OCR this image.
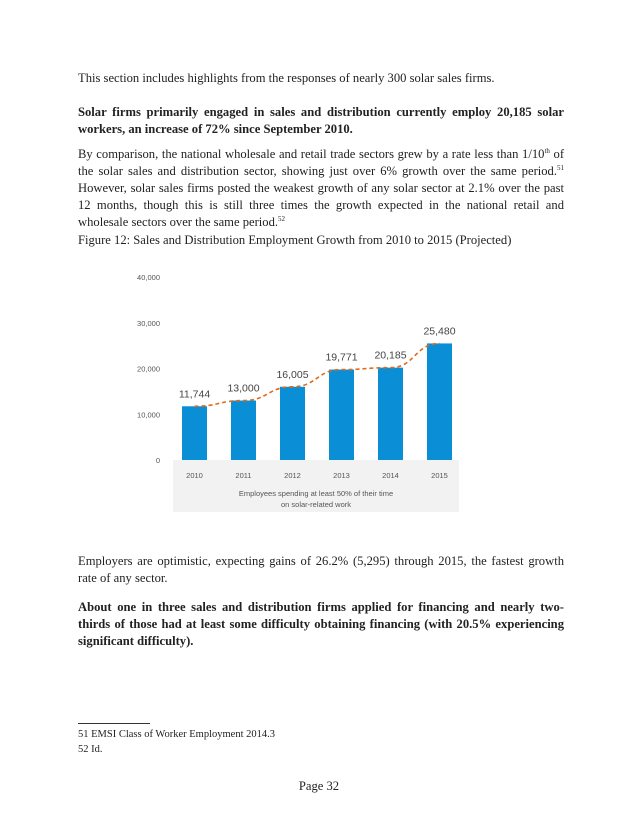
This section includes highlights from the responses of nearly 300 solar sales firms.

Solar firms primarily engaged in sales and distribution currently employ 20,185 solar workers, an increase of 72% since September 2010.

By comparison, the national wholesale and retail trade sectors grew by a rate less than 1/10th of the solar sales and distribution sector, showing just over 6% growth over the same period.$^{51}$ However, solar sales firms posted the weakest growth of any solar sector at 2.1% over the past 12 months, though this is still three times the growth expected in the national retail and wholesale sectors over the same period.$^{52}$

Figure 12: Sales and Distribution Employment Growth from 2010 to 2015 (Projected)

0
10,000
20,000
30,000
40,000
11,744 13,000
16,005
19,771 20,185
25,480
2010	2011	2012	2013	2014	2015
Employees spending at least 50% of their time
on solar-related work

Employers are optimistic, expecting gains of 26.2% (5,295) through 2015, the fastest growth rate of any sector.

About one in three sales and distribution firms applied for financing and nearly two-thirds of those had at least some difficulty obtaining financing (with 20.5% experiencing significant difficulty).

51 EMSI Class of Worker Employment 2014.3

52 Id.

Page 32
